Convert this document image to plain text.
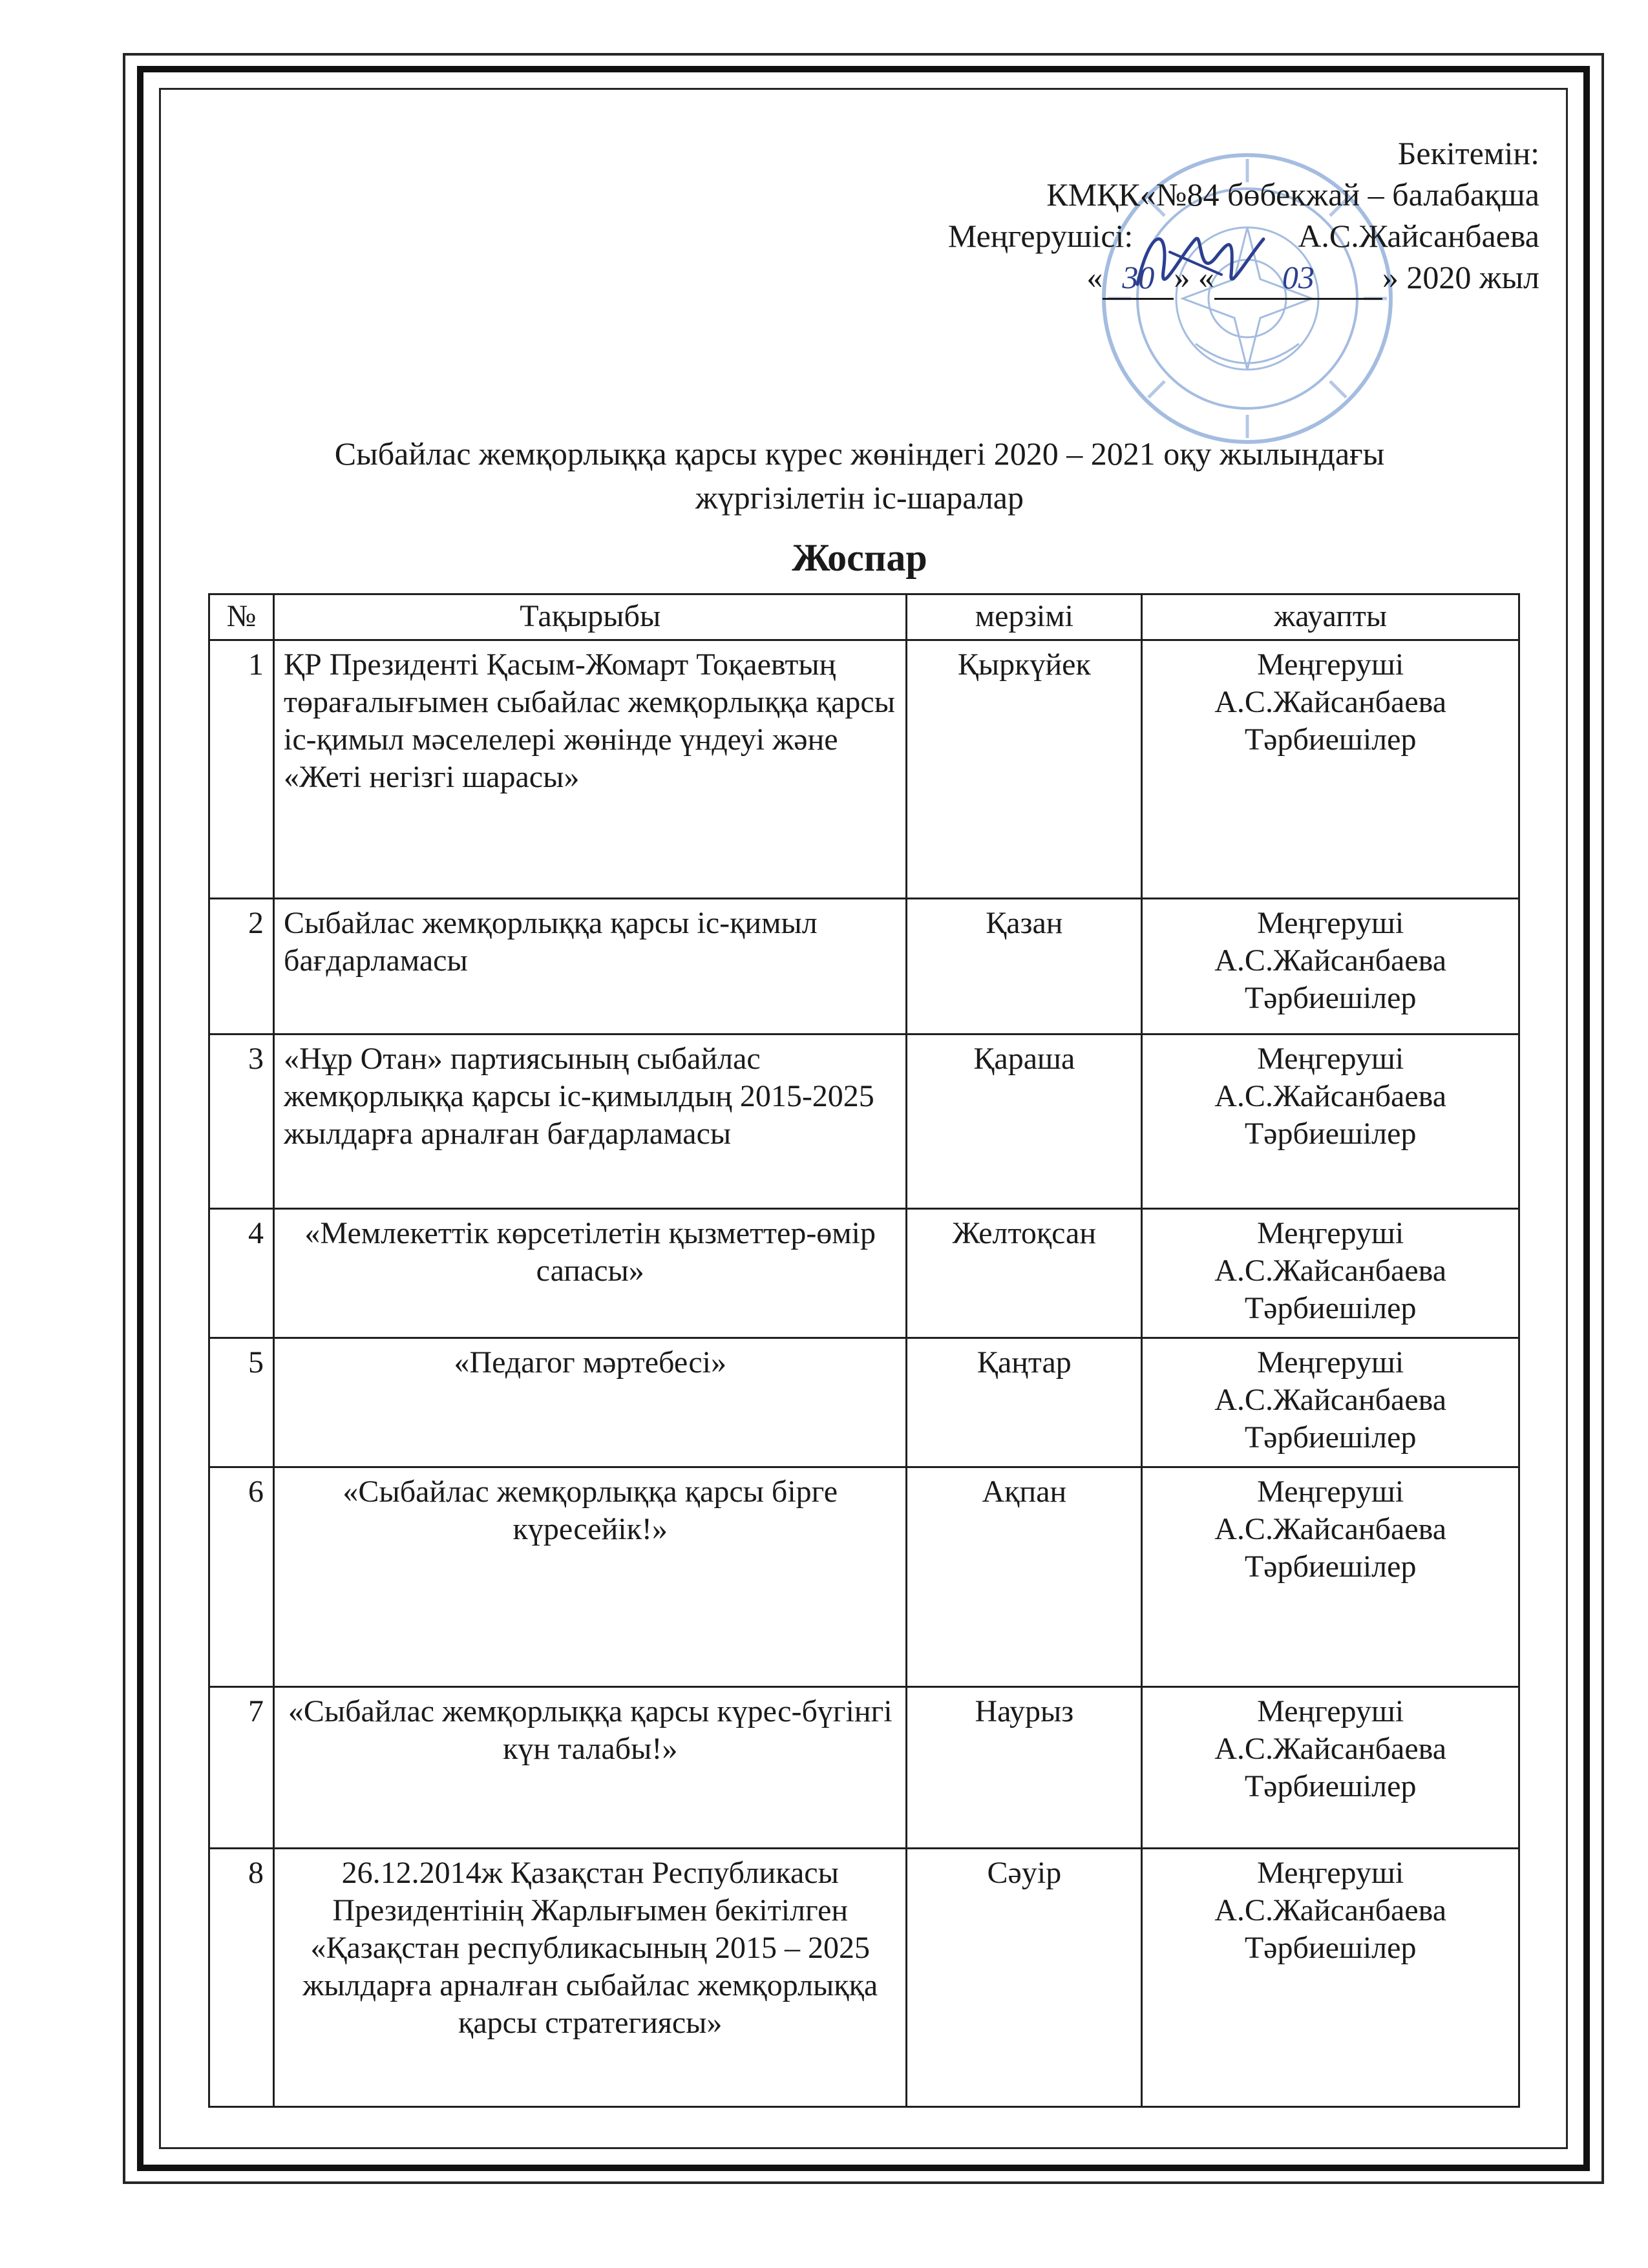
Бекітемін:
КМҚК«№84 бөбекжай – балабақша
Меңгерушісі:	А.С.Жайсанбаева
« 30 » « 03 » 2020 жыл
Сыбайлас жемқорлыққа қарсы күрес жөніндегі 2020 – 2021 оқу жылындағы
жүргізілетін іс-шаралар
Жоспар
№	Тақырыбы	мерзімі	жауапты
1	ҚР Президенті Қасым-Жомарт Тоқаевтың төрағалығымен сыбайлас жемқорлыққа қарсы іс-қимыл мәселелері жөнінде үндеуі және «Жеті негізгі шарасы»	Қыркүйек	Меңгеруші
А.С.Жайсанбаева
Тәрбиешілер

2	Сыбайлас жемқорлыққа қарсы іс-қимыл бағдарламасы	Қазан	Меңгеруші
А.С.Жайсанбаева
Тәрбиешілер

3	«Нұр Отан» партиясының сыбайлас жемқорлыққа қарсы іс-қимылдың 2015-2025 жылдарға арналған бағдарламасы	Қараша	Меңгеруші
А.С.Жайсанбаева
Тәрбиешілер

4	«Мемлекеттік көрсетілетін қызметтер-өмір сапасы»	Желтоқсан	Меңгеруші
А.С.Жайсанбаева
Тәрбиешілер

5	«Педагог мәртебесі»	Қаңтар	Меңгеруші
А.С.Жайсанбаева
Тәрбиешілер

6	«Сыбайлас жемқорлыққа қарсы бірге күресейік!»	Ақпан	Меңгеруші
А.С.Жайсанбаева
Тәрбиешілер

7	«Сыбайлас жемқорлыққа қарсы күрес-бүгінгі күн талабы!»	Наурыз	Меңгеруші
А.С.Жайсанбаева
Тәрбиешілер

8	26.12.2014ж Қазақстан Республикасы Президентінің Жарлығымен бекітілген «Қазақстан республикасының 2015 – 2025 жылдарға арналған сыбайлас жемқорлыққа қарсы стратегиясы»	Сәуір	Меңгеруші
А.С.Жайсанбаева
Тәрбиешілер
